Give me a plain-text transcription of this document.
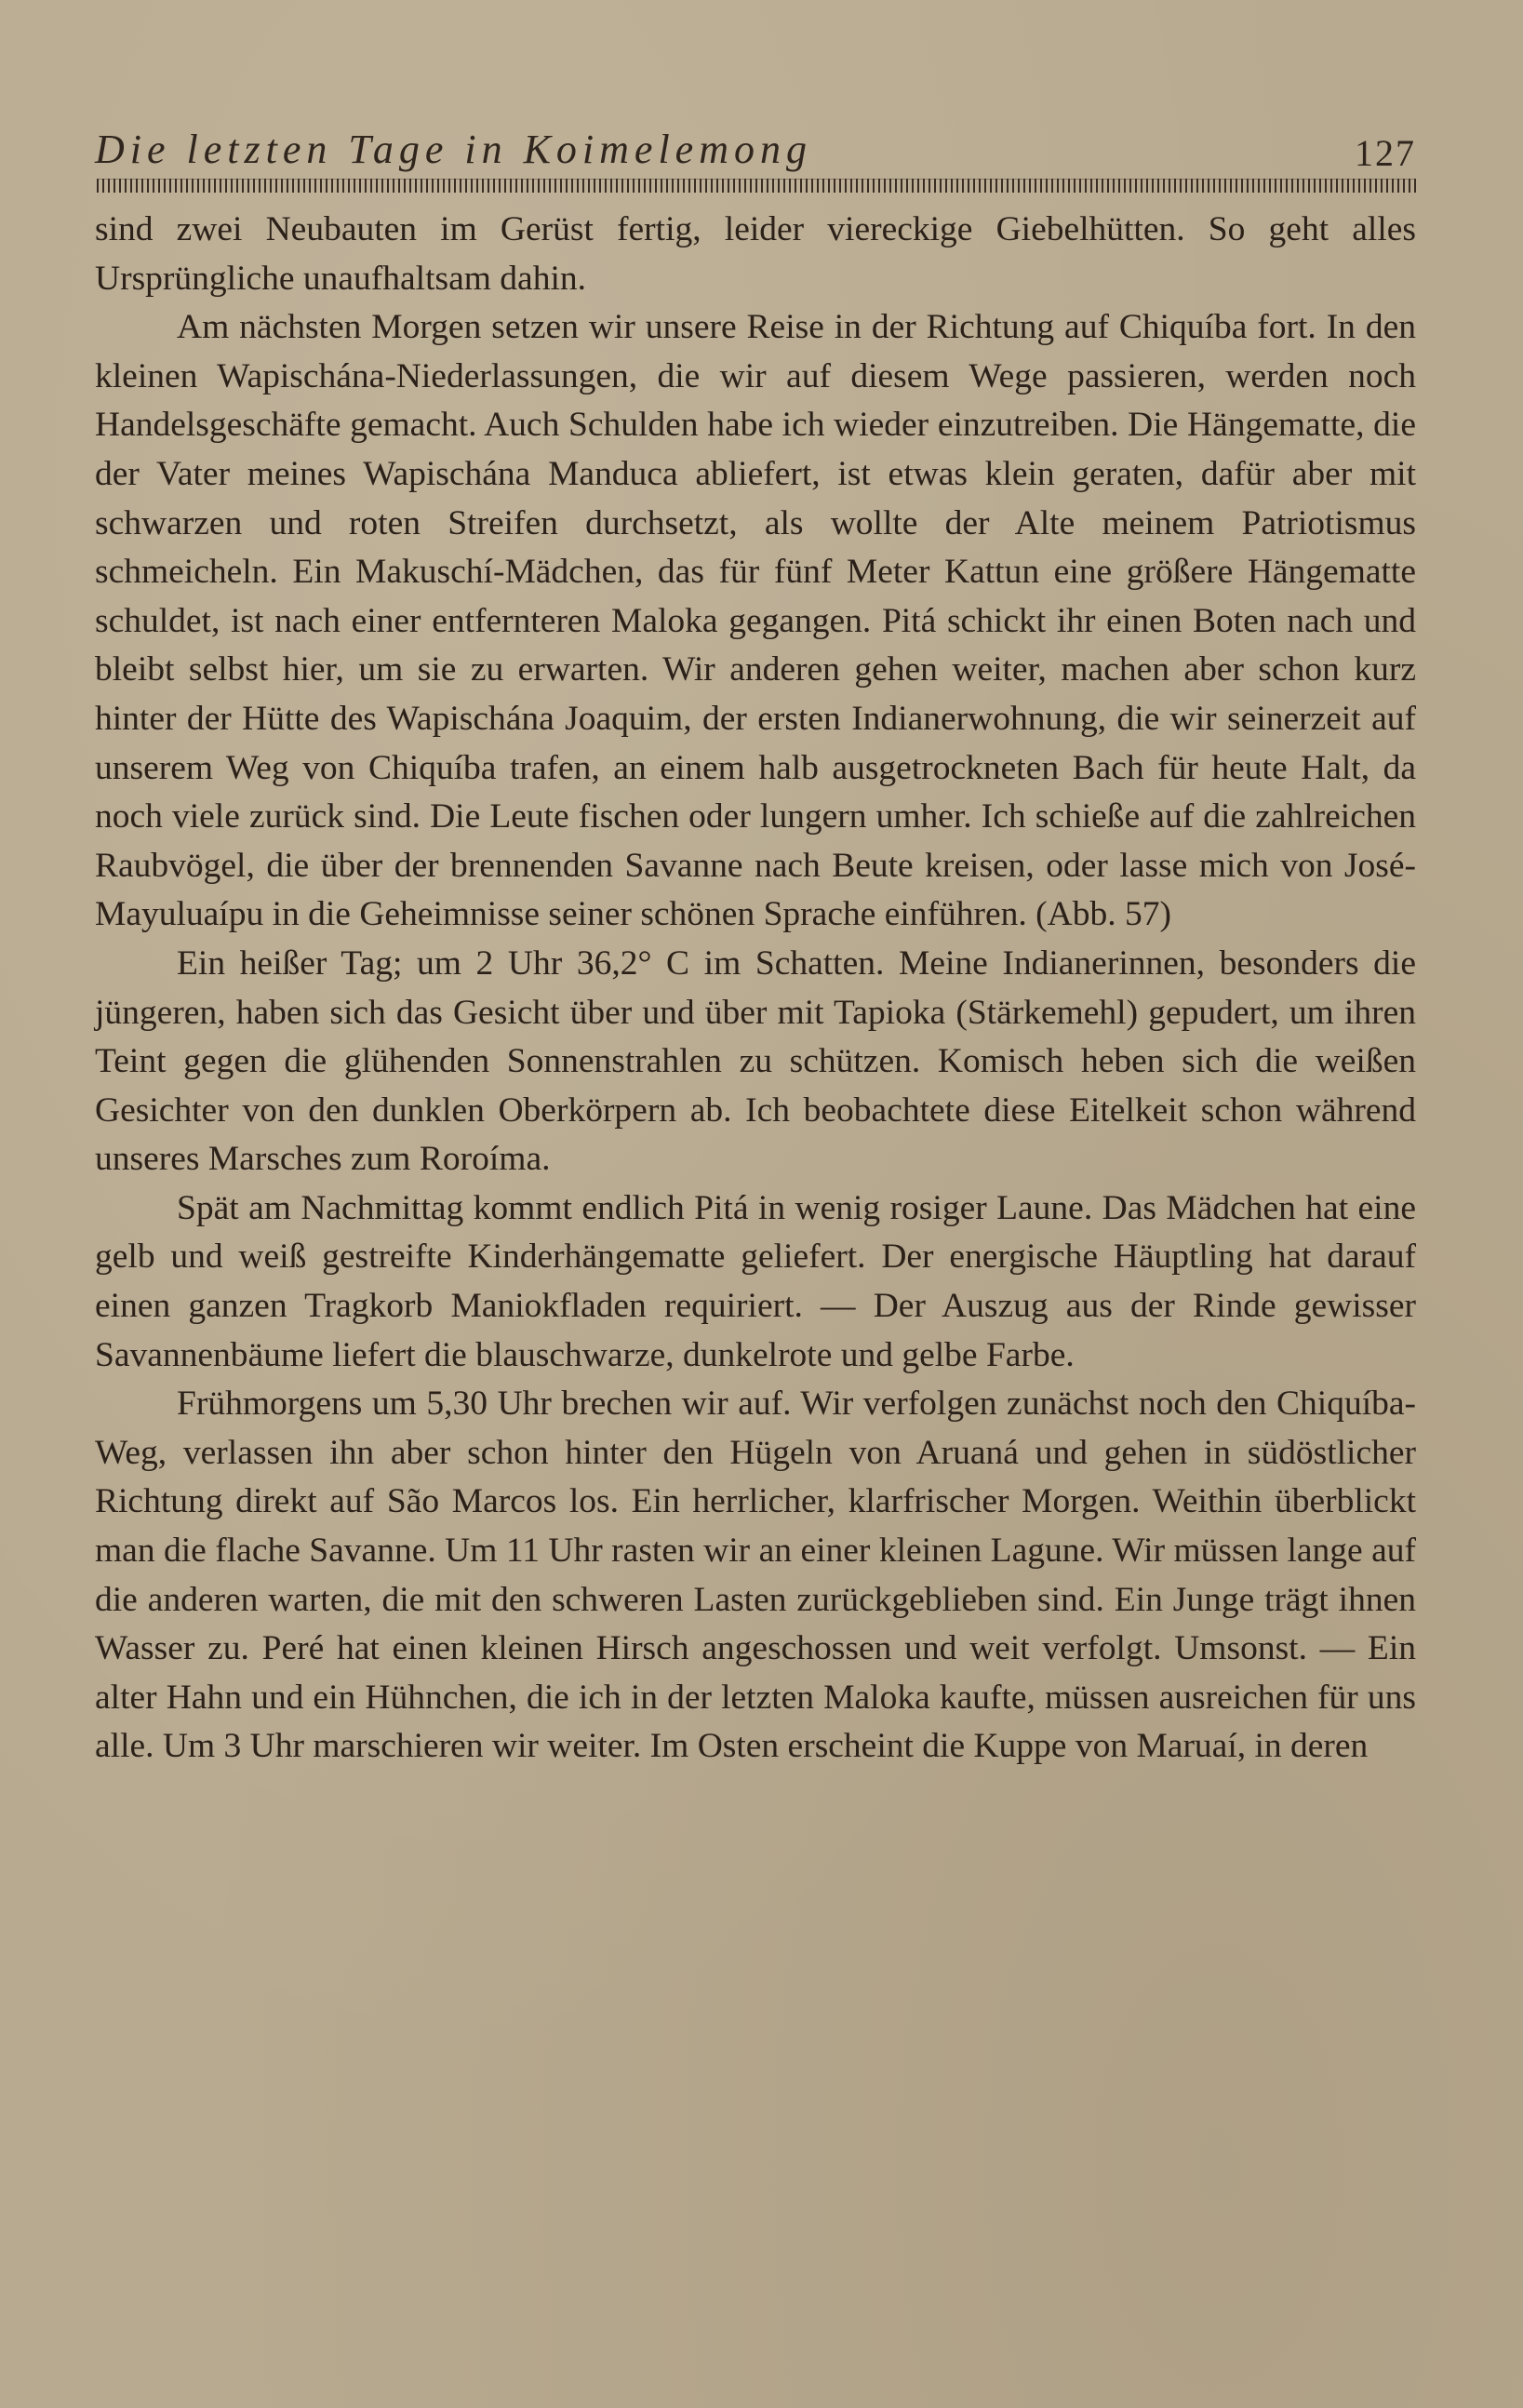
Die letzten Tage in Koimelemong	127

sind zwei Neubauten im Gerüst fertig, leider viereckige Giebelhütten. So geht alles Ursprüngliche unaufhaltsam dahin.

Am nächsten Morgen setzen wir unsere Reise in der Richtung auf Chiquíba fort. In den kleinen Wapischána-Niederlassungen, die wir auf diesem Wege passieren, werden noch Handelsgeschäfte gemacht. Auch Schulden habe ich wieder einzutreiben. Die Hängematte, die der Vater meines Wapischána Manduca abliefert, ist etwas klein geraten, dafür aber mit schwarzen und roten Streifen durchsetzt, als wollte der Alte meinem Patriotismus schmeicheln. Ein Makuschí-Mädchen, das für fünf Meter Kattun eine größere Hängematte schuldet, ist nach einer entfernteren Maloka gegangen. Pitá schickt ihr einen Boten nach und bleibt selbst hier, um sie zu erwarten. Wir anderen gehen weiter, machen aber schon kurz hinter der Hütte des Wapischána Joaquim, der ersten Indianerwohnung, die wir seinerzeit auf unserem Weg von Chiquíba trafen, an einem halb ausgetrockneten Bach für heute Halt, da noch viele zurück sind. Die Leute fischen oder lungern umher. Ich schieße auf die zahlreichen Raubvögel, die über der brennenden Savanne nach Beute kreisen, oder lasse mich von José-Mayuluaípu in die Geheimnisse seiner schönen Sprache einführen. (Abb. 57)

Ein heißer Tag; um 2 Uhr 36,2° C im Schatten. Meine Indianerinnen, besonders die jüngeren, haben sich das Gesicht über und über mit Tapioka (Stärkemehl) gepudert, um ihren Teint gegen die glühenden Sonnenstrahlen zu schützen. Komisch heben sich die weißen Gesichter von den dunklen Oberkörpern ab. Ich beobachtete diese Eitelkeit schon während unseres Marsches zum Roroíma.

Spät am Nachmittag kommt endlich Pitá in wenig rosiger Laune. Das Mädchen hat eine gelb und weiß gestreifte Kinderhängematte geliefert. Der energische Häuptling hat darauf einen ganzen Tragkorb Maniokfladen requiriert. — Der Auszug aus der Rinde gewisser Savannenbäume liefert die blauschwarze, dunkelrote und gelbe Farbe.

Frühmorgens um 5,30 Uhr brechen wir auf. Wir verfolgen zunächst noch den Chiquíba-Weg, verlassen ihn aber schon hinter den Hügeln von Aruaná und gehen in südöstlicher Richtung direkt auf São Marcos los. Ein herrlicher, klarfrischer Morgen. Weithin überblickt man die flache Savanne. Um 11 Uhr rasten wir an einer kleinen Lagune. Wir müssen lange auf die anderen warten, die mit den schweren Lasten zurückgeblieben sind. Ein Junge trägt ihnen Wasser zu. Peré hat einen kleinen Hirsch angeschossen und weit verfolgt. Umsonst. — Ein alter Hahn und ein Hühnchen, die ich in der letzten Maloka kaufte, müssen ausreichen für uns alle. Um 3 Uhr marschieren wir weiter. Im Osten erscheint die Kuppe von Maruaí, in deren
